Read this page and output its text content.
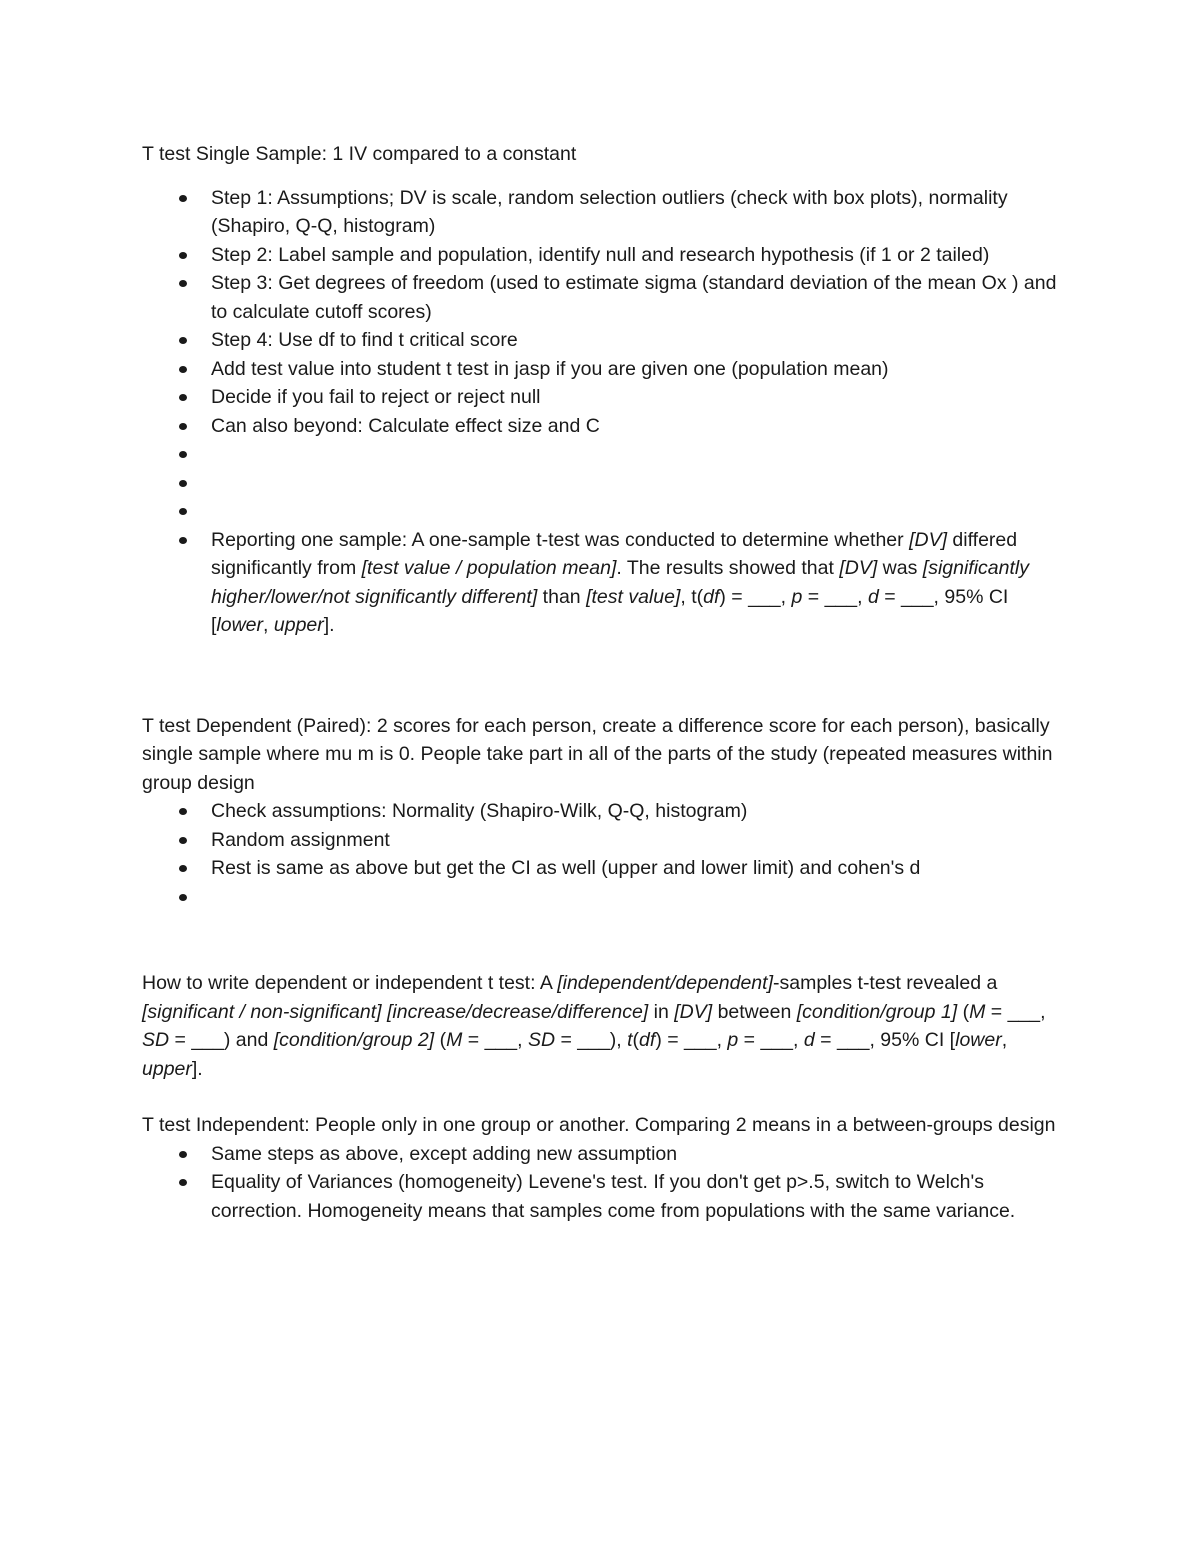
T test Single Sample: 1 IV compared to a constant

Step 1: Assumptions; DV is scale, random selection outliers (check with box plots), normality (Shapiro, Q-Q, histogram)
Step 2: Label sample and population, identify null and research hypothesis (if 1 or 2 tailed)
Step 3: Get degrees of freedom (used to estimate sigma (standard deviation of the mean Ox ) and to calculate cutoff scores)
Step 4: Use df to find t critical score
Add test value into student t test in jasp if you are given one (population mean)
Decide if you fail to reject or reject null
Can also beyond: Calculate effect size and C
Reporting one sample: A one-sample t-test was conducted to determine whether [DV] differed significantly from [test value / population mean]. The results showed that [DV] was [significantly higher/lower/not significantly different] than [test value], t(df) = ___, p = ___, d = ___, 95% CI [lower, upper].

T test Dependent (Paired): 2 scores for each person, create a difference score for each person), basically single sample where mu m is 0. People take part in all of the parts of the study (repeated measures within group design

Check assumptions: Normality (Shapiro-Wilk, Q-Q, histogram)
Random assignment
Rest is same as above but get the CI as well (upper and lower limit) and cohen's d

How to write dependent or independent t test: A [independent/dependent]-samples t-test revealed a [significant / non-significant] [increase/decrease/difference] in [DV] between [condition/group 1] (M = ___, SD = ___) and [condition/group 2] (M = ___, SD = ___), t(df) = ___, p = ___, d = ___, 95% CI [lower, upper].

T test Independent: People only in one group or another. Comparing 2 means in a between-groups design

Same steps as above, except adding new assumption
Equality of Variances (homogeneity) Levene's test. If you don't get p>.5, switch to Welch's correction. Homogeneity means that samples come from populations with the same variance.
